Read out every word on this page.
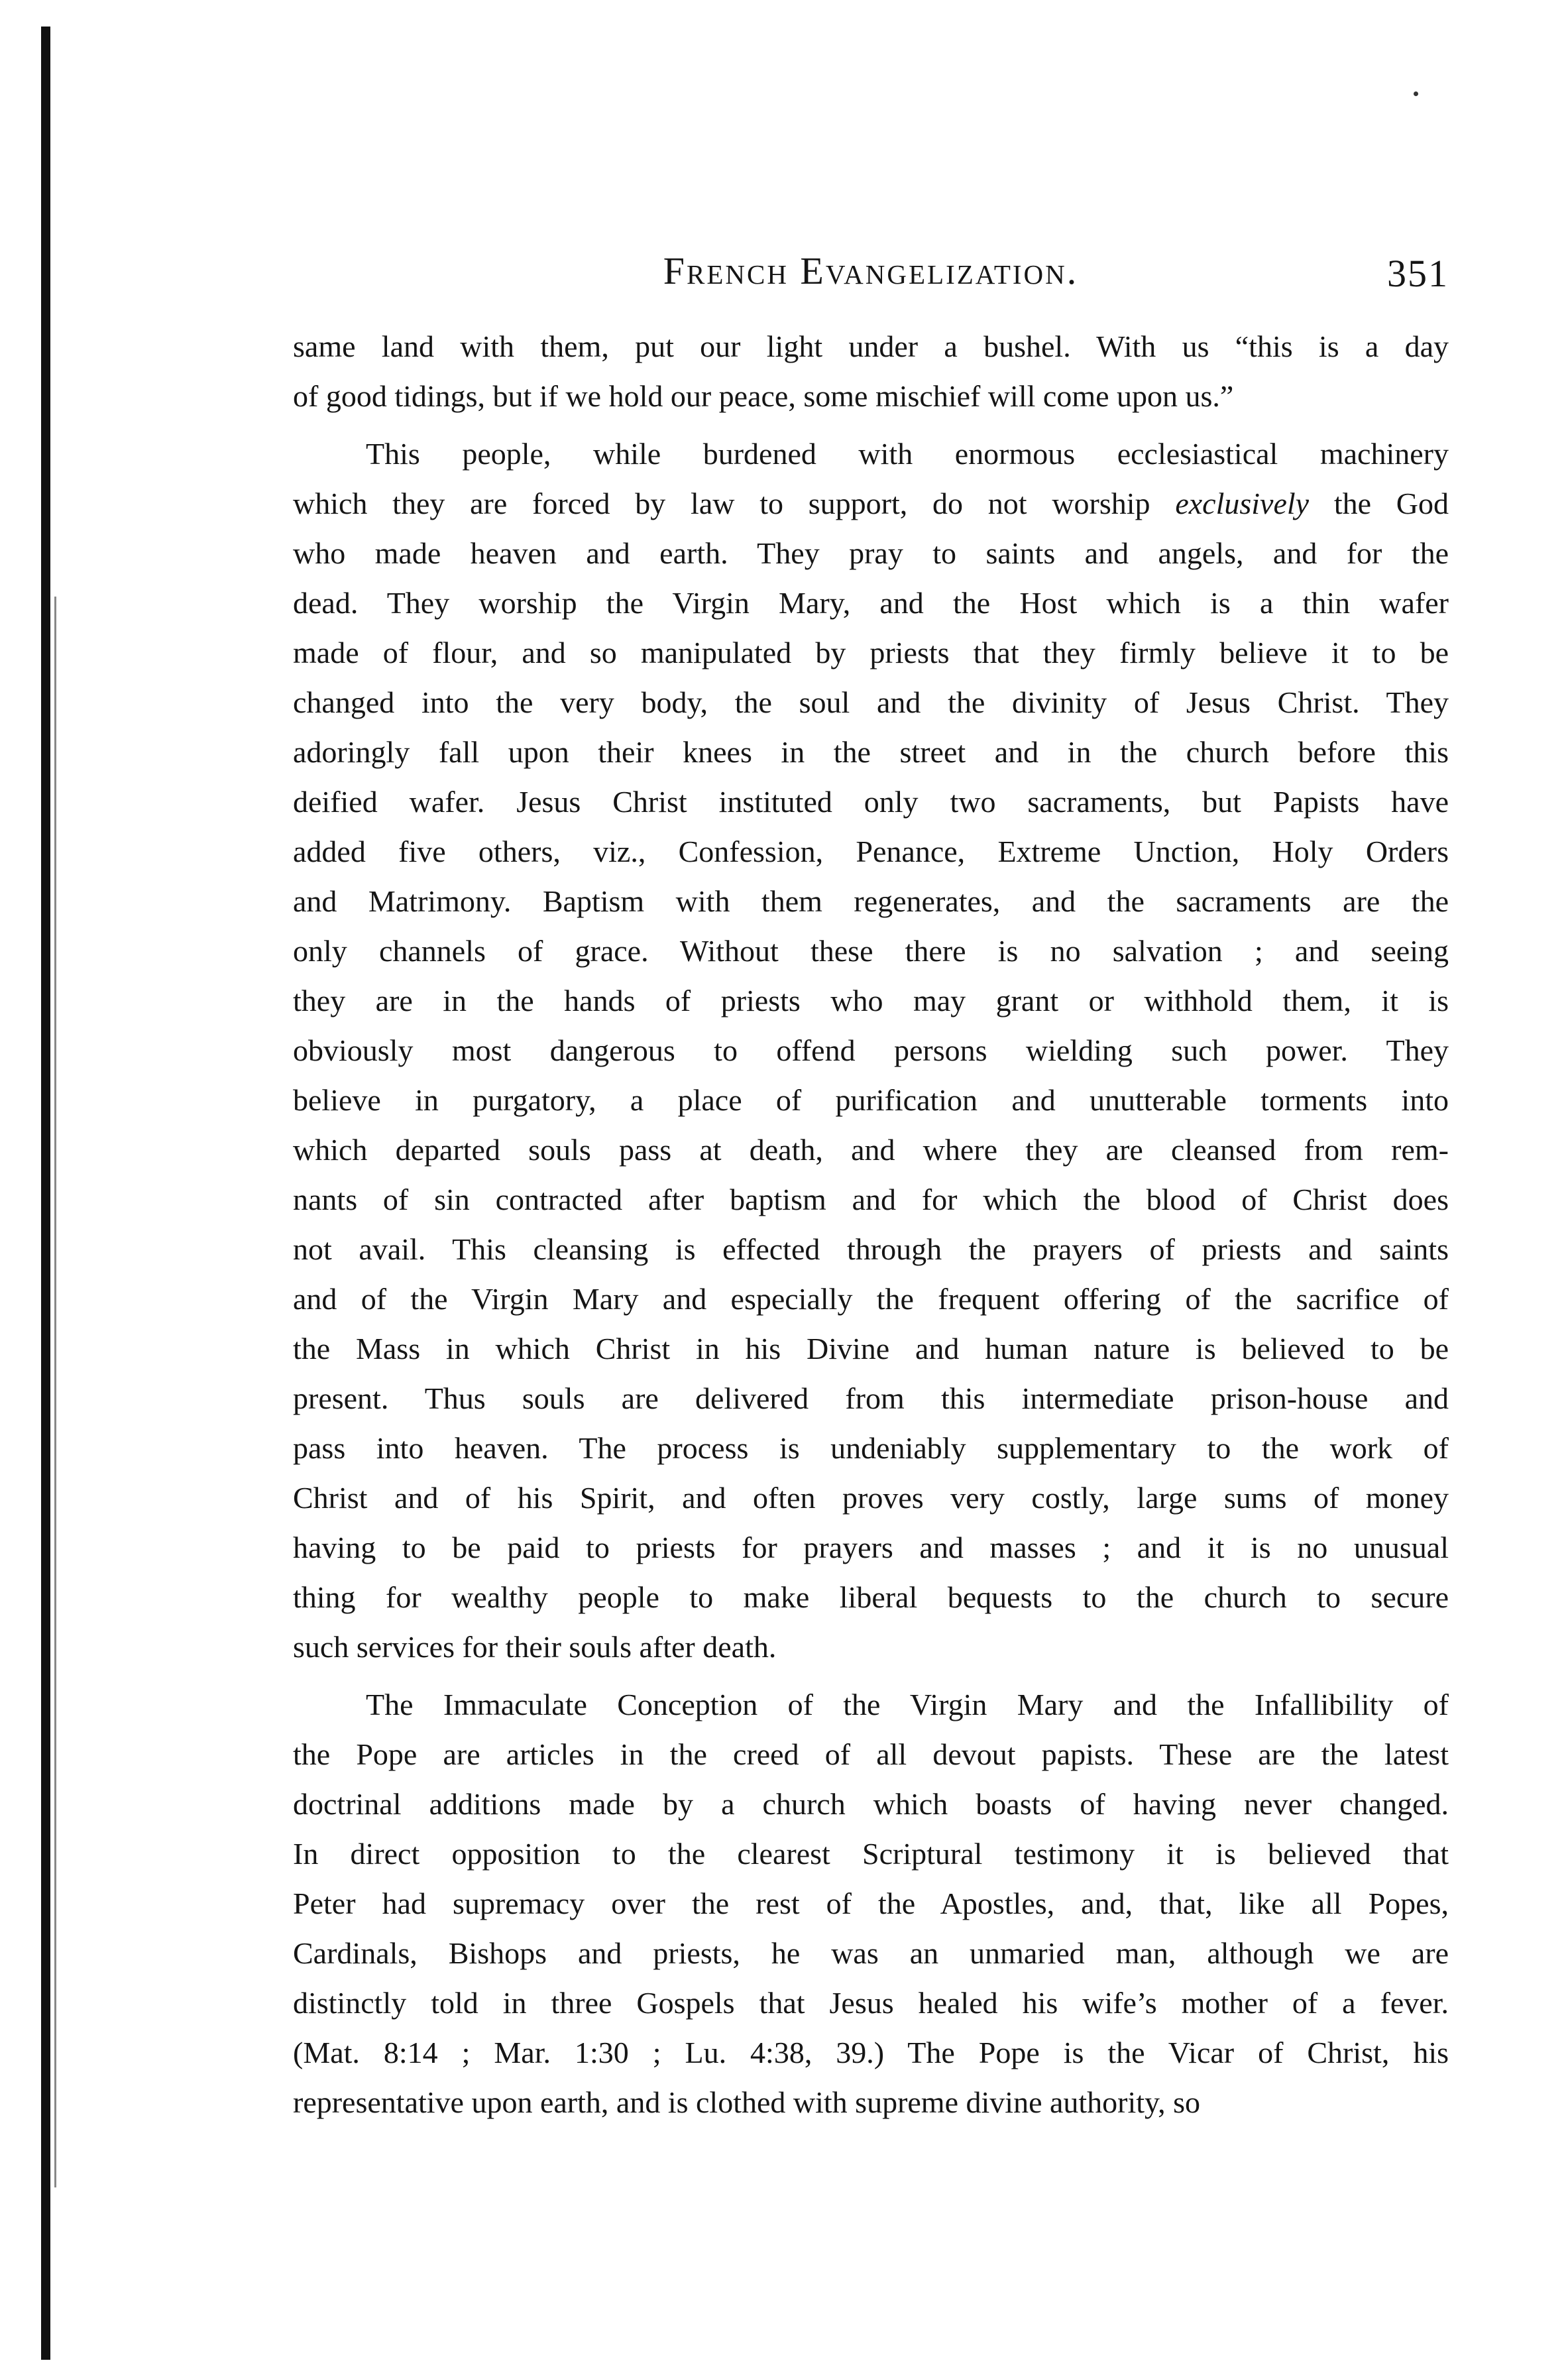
French Evangelization.	351
same land with them, put our light under a bushel. With us “this is a day
of good tidings, but if we hold our peace, some mischief will come upon us.”
This people, while burdened with enormous ecclesiastical machinery
which they are forced by law to support, do not worship exclusively the God
who made heaven and earth. They pray to saints and angels, and for the
dead. They worship the Virgin Mary, and the Host which is a thin wafer
made of flour, and so manipulated by priests that they firmly believe it to be
changed into the very body, the soul and the divinity of Jesus Christ. They
adoringly fall upon their knees in the street and in the church before this
deified wafer. Jesus Christ instituted only two sacraments, but Papists have
added five others, viz., Confession, Penance, Extreme Unction, Holy Orders
and Matrimony. Baptism with them regenerates, and the sacraments are the
only channels of grace. Without these there is no salvation ; and seeing
they are in the hands of priests who may grant or withhold them, it is
obviously most dangerous to offend persons wielding such power. They
believe in purgatory, a place of purification and unutterable torments into
which departed souls pass at death, and where they are cleansed from rem-
nants of sin contracted after baptism and for which the blood of Christ does
not avail. This cleansing is effected through the prayers of priests and saints
and of the Virgin Mary and especially the frequent offering of the sacrifice of
the Mass in which Christ in his Divine and human nature is believed to be
present. Thus souls are delivered from this intermediate prison-house and
pass into heaven. The process is undeniably supplementary to the work of
Christ and of his Spirit, and often proves very costly, large sums of money
having to be paid to priests for prayers and masses ; and it is no unusual
thing for wealthy people to make liberal bequests to the church to secure
such services for their souls after death.
The Immaculate Conception of the Virgin Mary and the Infallibility of
the Pope are articles in the creed of all devout papists. These are the latest
doctrinal additions made by a church which boasts of having never changed.
In direct opposition to the clearest Scriptural testimony it is believed that
Peter had supremacy over the rest of the Apostles, and, that, like all Popes,
Cardinals, Bishops and priests, he was an unmaried man, although we are
distinctly told in three Gospels that Jesus healed his wife’s mother of a fever.
(Mat. 8:14 ; Mar. 1:30 ; Lu. 4:38, 39.) The Pope is the Vicar of Christ, his
representative upon earth, and is clothed with supreme divine authority, so
